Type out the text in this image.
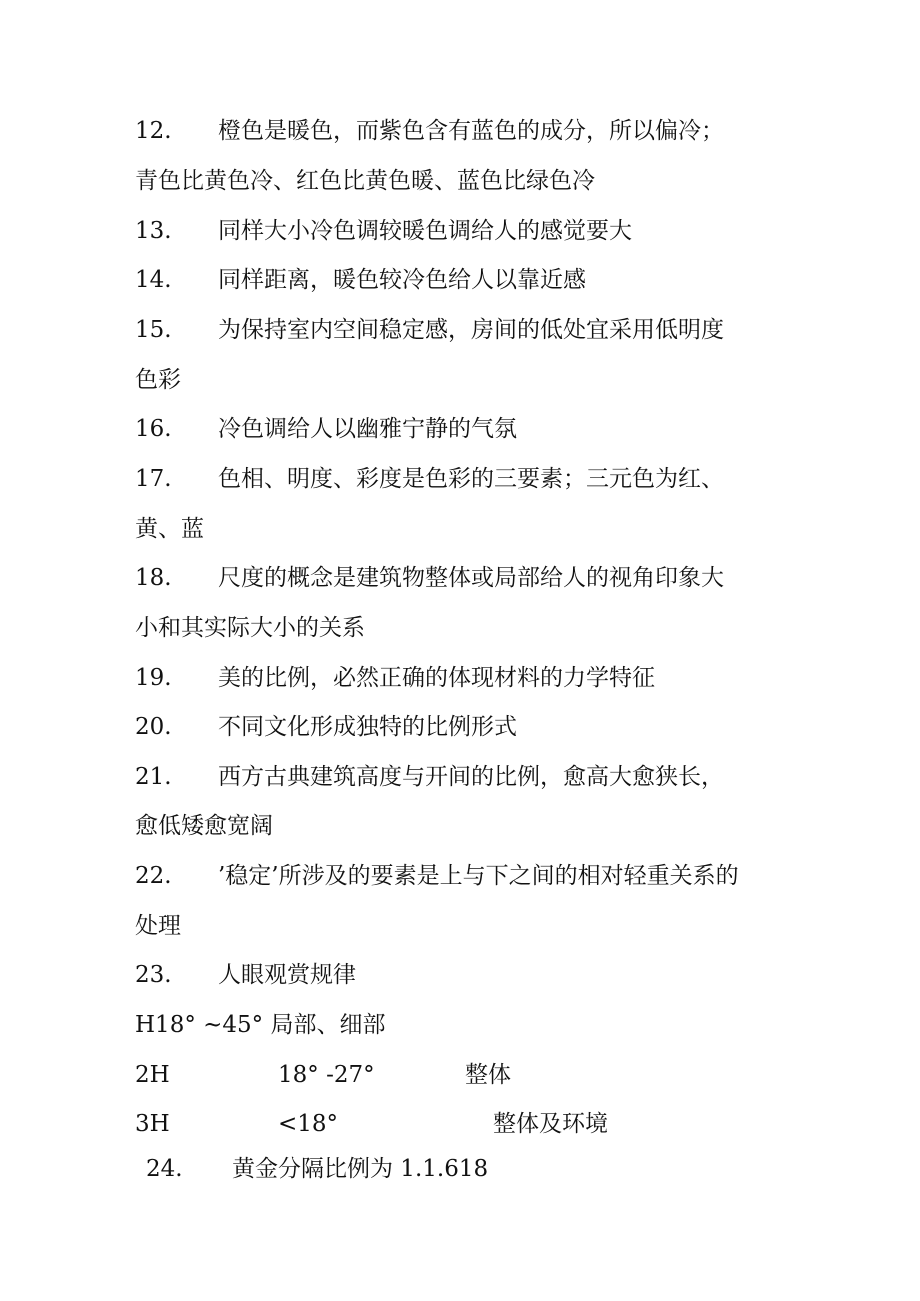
12. 橙色是暖色，而紫色含有蓝色的成分，所以偏冷；
青色比黄色冷、红色比黄色暖、蓝色比绿色冷
13. 同样大小冷色调较暖色调给人的感觉要大
14. 同样距离，暖色较冷色给人以靠近感
15. 为保持室内空间稳定感，房间的低处宜采用低明度
色彩
16. 冷色调给人以幽雅宁静的气氛
17. 色相、明度、彩度是色彩的三要素；三元色为红、
黄、蓝
18. 尺度的概念是建筑物整体或局部给人的视角印象大
小和其实际大小的关系
19. 美的比例，必然正确的体现材料的力学特征
20. 不同文化形成独特的比例形式
21. 西方古典建筑高度与开间的比例，愈高大愈狭长，
愈低矮愈宽阔
22. ’稳定’所涉及的要素是上与下之间的相对轻重关系的
处理
23. 人眼观赏规律
H18° ~45° 局部、细部
2H	18° -27°	整体
3H	<18°	整体及环境
24. 黄金分隔比例为 1.1.618
